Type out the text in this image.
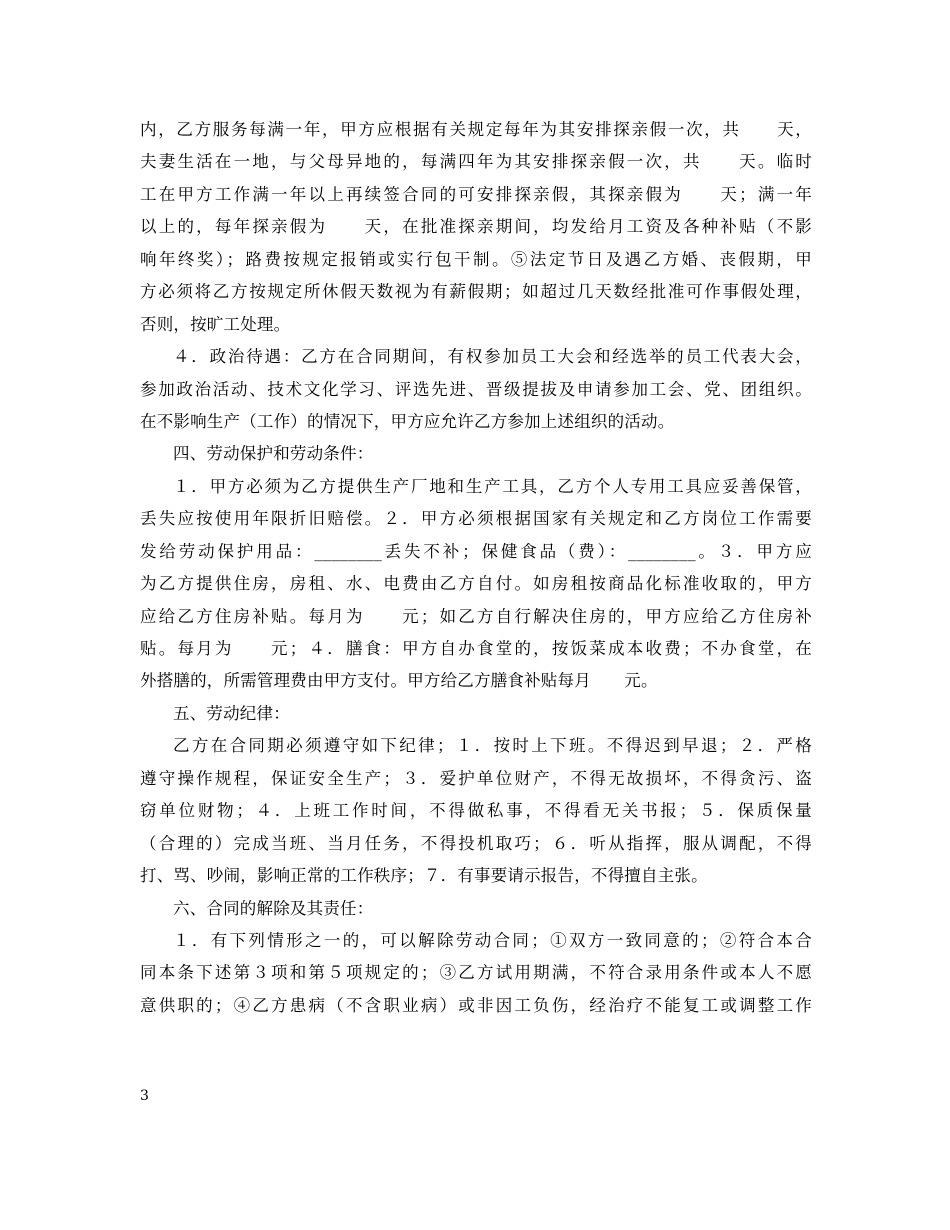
内，乙方服务每满一年，甲方应根据有关规定每年为其安排探亲假一次，共　　天，
夫妻生活在一地，与父母异地的，每满四年为其安排探亲假一次，共　　天。临时
工在甲方工作满一年以上再续签合同的可安排探亲假，其探亲假为　　天；满一年
以上的，每年探亲假为　　天，在批准探亲期间，均发给月工资及各种补贴（不影
响年终奖）；路费按规定报销或实行包干制。⑤法定节日及遇乙方婚、丧假期，甲
方必须将乙方按规定所休假天数视为有薪假期；如超过几天数经批准可作事假处理，
否则，按旷工处理。
４．政治待遇：乙方在合同期间，有权参加员工大会和经选举的员工代表大会，
参加政治活动、技术文化学习、评选先进、晋级提拔及申请参加工会、党、团组织。
在不影响生产（工作）的情况下，甲方应允许乙方参加上述组织的活动。
四、劳动保护和劳动条件：
１．甲方必须为乙方提供生产厂地和生产工具，乙方个人专用工具应妥善保管，
丢失应按使用年限折旧赔偿。２．甲方必须根据国家有关规定和乙方岗位工作需要
发给劳动保护用品：________丢失不补；保健食品（费）：________。３．甲方应
为乙方提供住房，房租、水、电费由乙方自付。如房租按商品化标准收取的，甲方
应给乙方住房补贴。每月为　　元；如乙方自行解决住房的，甲方应给乙方住房补
贴。每月为　　元；４．膳食：甲方自办食堂的，按饭菜成本收费；不办食堂，在
外搭膳的，所需管理费由甲方支付。甲方给乙方膳食补贴每月　　元。
五、劳动纪律：
乙方在合同期必须遵守如下纪律；１．按时上下班。不得迟到早退；２．严格
遵守操作规程，保证安全生产；３．爱护单位财产，不得无故损坏，不得贪污、盗
窃单位财物；４．上班工作时间，不得做私事，不得看无关书报；５．保质保量
（合理的）完成当班、当月任务，不得投机取巧；６．听从指挥，服从调配，不得
打、骂、吵闹，影响正常的工作秩序；７．有事要请示报告，不得擅自主张。
六、合同的解除及其责任：
１．有下列情形之一的，可以解除劳动合同；①双方一致同意的；②符合本合
同本条下述第３项和第５项规定的；③乙方试用期满，不符合录用条件或本人不愿
意供职的；④乙方患病（不含职业病）或非因工负伤，经治疗不能复工或调整工作
3
